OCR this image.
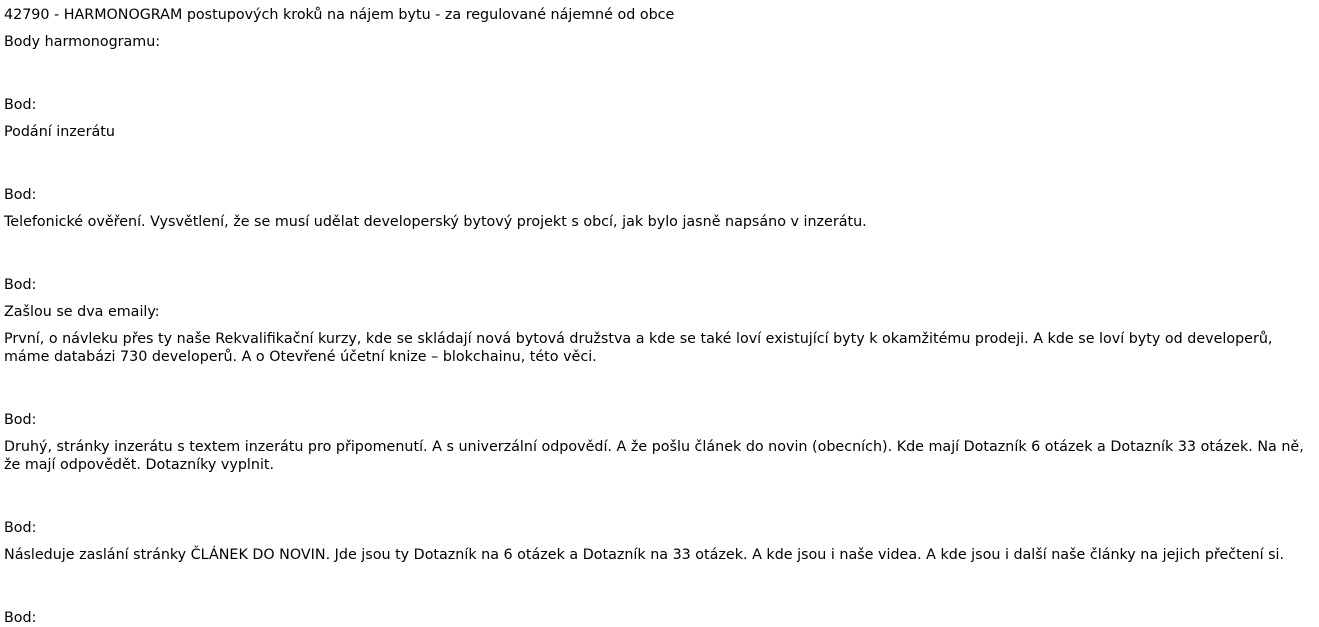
42790 - HARMONOGRAM postupových kroků na nájem bytu - za regulované nájemné od obce

Body harmonogramu:

Bod:

Podání inzerátu

Bod:

Telefonické ověření. Vysvětlení, že se musí udělat developerský bytový projekt s obcí, jak bylo jasně napsáno v inzerátu.

Bod:

Zašlou se dva emaily:

První, o návleku přes ty naše Rekvalifikační kurzy, kde se skládají nová bytová družstva a kde se také loví existující byty k okamžitému prodeji. A kde se loví byty od developerů, máme databázi 730 developerů. A o Otevřené účetní knize – blokchainu, této věci.

Bod:

Druhý, stránky inzerátu s textem inzerátu pro připomenutí. A s univerzální odpovědí. A že pošlu článek do novin (obecních). Kde mají Dotazník 6 otázek a Dotazník 33 otázek. Na ně, že mají odpovědět. Dotazníky vyplnit.

Bod:

Následuje zaslání stránky ČLÁNEK DO NOVIN. Jde jsou ty Dotazník na 6 otázek a Dotazník na 33 otázek. A kde jsou i naše videa. A kde jsou i další naše články na jejich přečtení si.

Bod:
